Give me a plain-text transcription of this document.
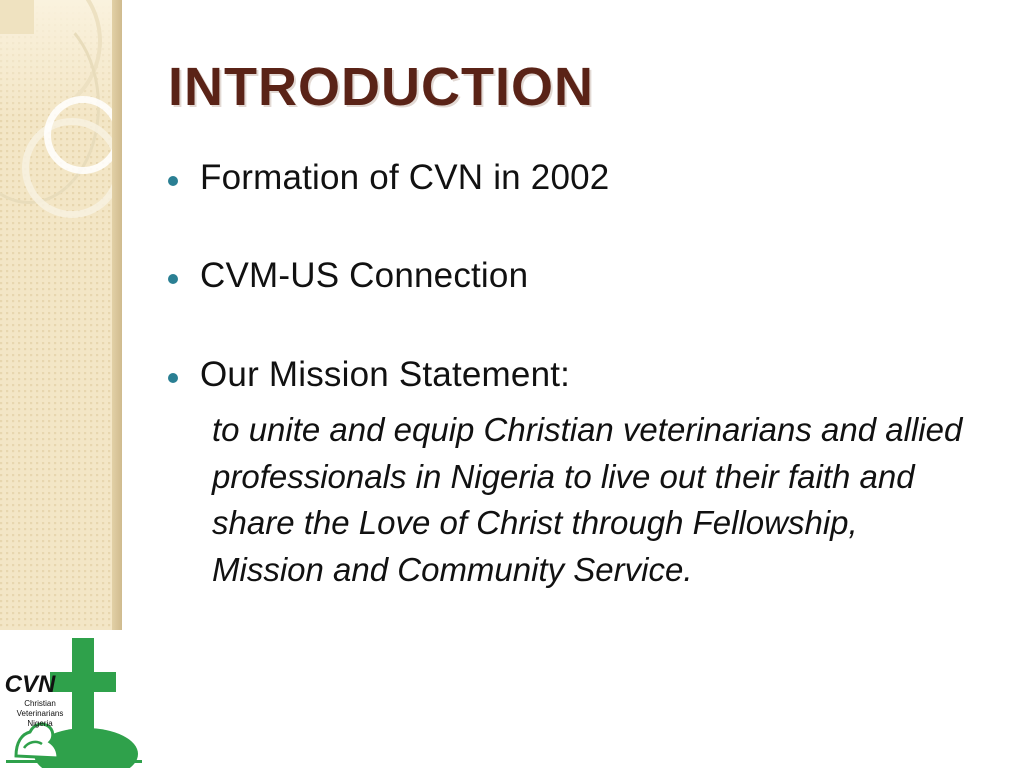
INTRODUCTION
Formation of CVN in 2002
CVM-US Connection
Our Mission Statement:
to unite and equip Christian veterinarians and allied professionals in Nigeria to live out their faith and share the Love of Christ through Fellowship, Mission and Community Service.
CVN
Christian
Veterinarians
Nigeria
